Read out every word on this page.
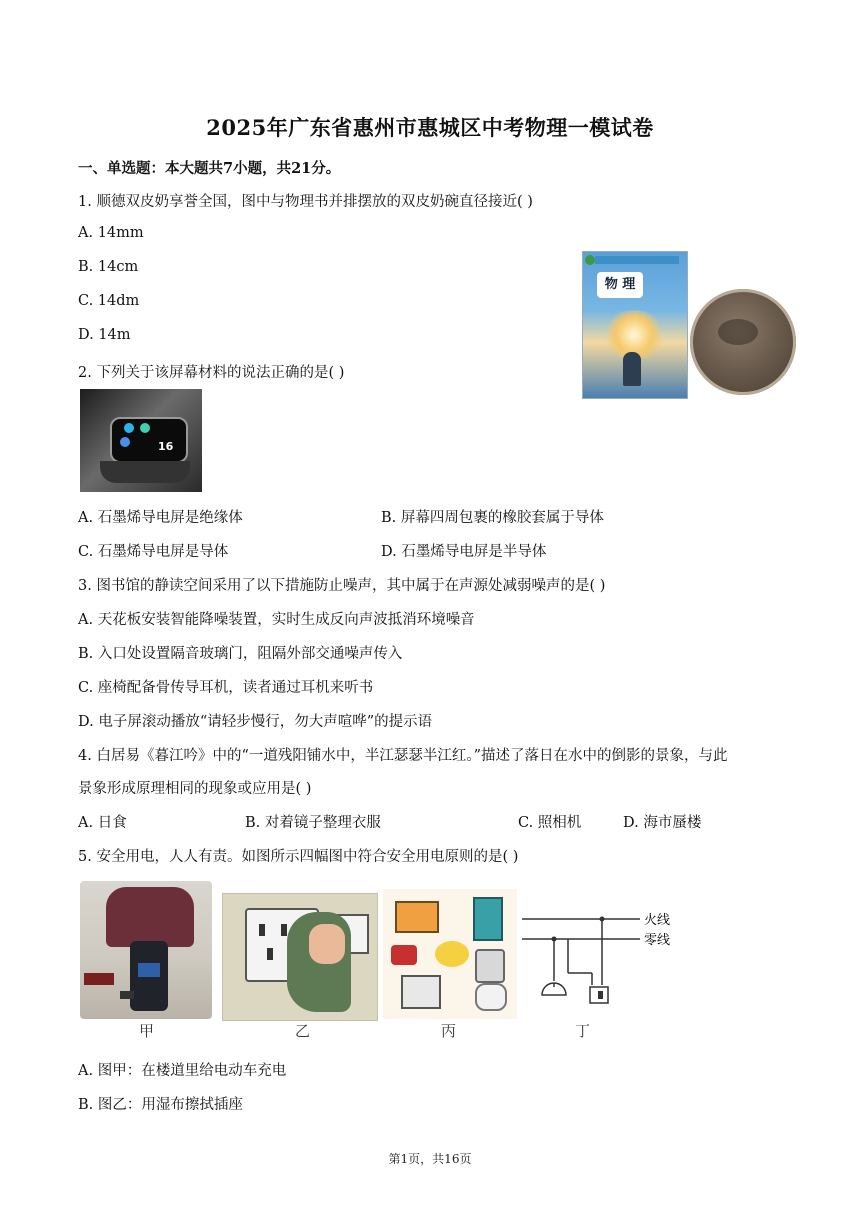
2025年广东省惠州市惠城区中考物理一模试卷
一、单选题：本大题共7小题，共21分。
1. 顺德双皮奶享誉全国，图中与物理书并排摆放的双皮奶碗直径接近( )
A. 14mm
B. 14cm
C. 14dm
D. 14m
物 理
2. 下列关于该屏幕材料的说法正确的是( )
16
A. 石墨烯导电屏是绝缘体	B. 屏幕四周包裹的橡胶套属于导体
C. 石墨烯导电屏是导体	D. 石墨烯导电屏是半导体
3. 图书馆的静读空间采用了以下措施防止噪声，其中属于在声源处减弱噪声的是( )
A. 天花板安装智能降噪装置，实时生成反向声波抵消环境噪音
B. 入口处设置隔音玻璃门，阻隔外部交通噪声传入
C. 座椅配备骨传导耳机，读者通过耳机来听书
D. 电子屏滚动播放“请轻步慢行，勿大声喧哗”的提示语
4. 白居易《暮江吟》中的“一道残阳铺水中，半江瑟瑟半江红。”描述了落日在水中的倒影的景象，与此
景象形成原理相同的现象或应用是( )
A. 日食	B. 对着镜子整理衣服	C. 照相机	D. 海市蜃楼
5. 安全用电，人人有责。如图所示四幅图中符合安全用电原则的是( )
火线
零线
甲	乙	丙	丁
A. 图甲：在楼道里给电动车充电
B. 图乙：用湿布擦拭插座
第1页，共16页
